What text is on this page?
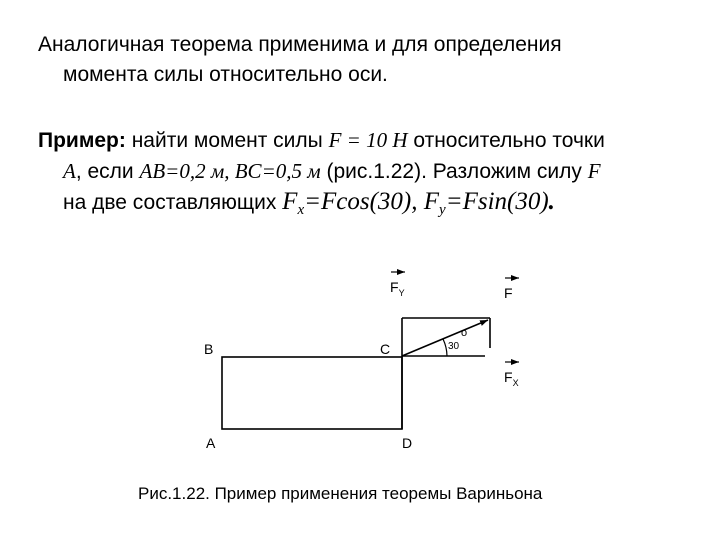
Аналогичная теорема применима и для определения
момента силы относительно оси.
Пример: найти момент силы F = 10 Н относительно точки
А, если AB=0,2 м, BC=0,5 м (рис.1.22). Разложим силу F
на две составляющих $F_x=Fcos(30)$, $F_y=Fsin(30)$.
B	C
A	D
$F_Y$	F
$F_X$
30
o
Рис.1.22. Пример применения теоремы Вариньона
